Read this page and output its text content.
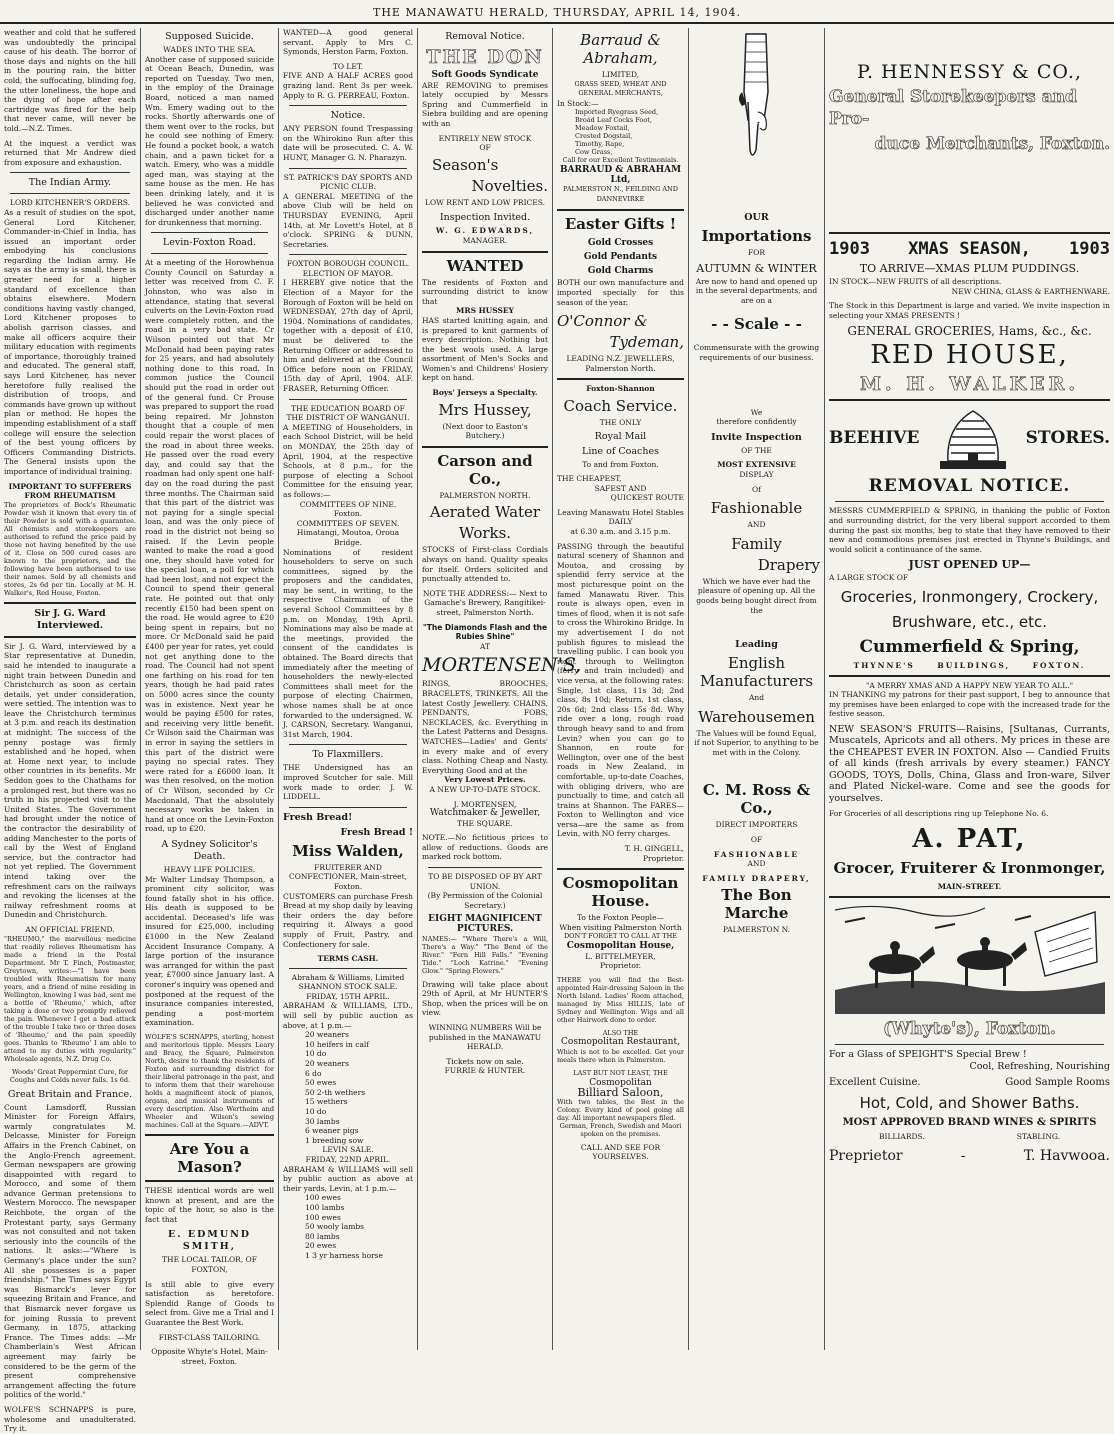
THE MANAWATU HERALD, THURSDAY, APRIL 14, 1904.

weather and cold that he suffered was undoubtedly the principal cause of his death. The horror of those days and nights on the hill in the pouring rain, the bitter cold, the suffocating, blinding fog, the utter loneliness, the hope and the dying of hope after each cartridge was fired for the help that never came, will never be told.—N.Z. Times.

At the inquest a verdict was returned that Mr Andrew died from exposure and exhaustion.

The Indian Army.
LORD KITCHENER'S ORDERS.

As a result of studies on the spot, General Lord Kitchener, Commander-in-Chief in India, has issued an important order embodying his conclusions regarding the Indian army. He says as the army is small, there is greater need for a higher standard of excellence than obtains elsewhere. Modern conditions having vastly changed, Lord Kitchener proposes to abolish garrison classes, and make all officers acquire their military education with regiments of importance, thoroughly trained and educated. The general staff, says Lord Kitchener, has never heretofore fully realised the distribution of troops, and commands have grown up without plan or method. He hopes the impending establishment of a staff college will ensure the selection of the best young officers by Officers Commanding Districts. The General insists upon the importance of individual training.

IMPORTANT TO SUFFERERS FROM RHEUMATISM

The proprietors of Bock's Rheumatic Powder wish it known that every tin of their Powder is sold with a guarantee. All chemists and storekeepers are authorised to refund the price paid by those not having benefited by the use of it. Close on 500 cured cases are known to the proprietors, and the following have been authorised to use their names. Sold by all chemists and stores, 2s 6d per tin. Locally at M. H. Walker's, Red House, Foxton.

Sir J. G. Ward Interviewed.

Sir J. G. Ward, interviewed by a Star representative at Dunedin, said he intended to inaugurate a night train between Dunedin and Christchurch as soon as certain details, yet under consideration, were settled. The intention was to leave the Christchurch terminus at 3 p.m. and reach its destination at midnight. The success of the penny postage was firmly established and he hoped, when at Home next year, to include other countries in its benefits. Mr Seddon goes to the Chathams for a prolonged rest, but there was no truth in his projected visit to the United States. The Government had brought under the notice of the contractor the desirability of adding Manchester to the ports of call by the West of England service, but the contractor had not yet replied. The Government intend taking over the refreshment cars on the railways and revoking the licenses at the railway refreshment rooms at Dunedin and Christchurch.

AN OFFICIAL FRIEND.

"RHEUMO," the marvellous medicine that readily relieves Rheumatism has made a friend in the Postal Department. Mr T. Finch, Postmaster, Greytown, writes:—"I have been troubled with Rheumatism for many years, and a friend of mine residing in Wellington, knowing I was bad, sent me a bottle of 'Rheumo,' which, after taking a dose or two promptly relieved the pain. Whenever I get a bad attack of the trouble I take two or three doses of 'Rheumo,' and the pain speedily goes. Thanks to 'Rheumo' I am able to attend to my duties with regularity." Wholesale agents, N.Z. Drug Co.

Woods' Great Peppermint Cure, for Coughs and Colds never fails. 1s 6d.

Great Britain and France.

Count Lamsdorff, Russian Minister for Foreign Affairs, warmly congratulates M. Delcasse, Minister for Foreign Affairs in the French Cabinet, on the Anglo-French agreement. German newspapers are growing disappointed with regard to Morocco, and some of them advance German pretensions to Western Morocco. The newspaper Reichbote, the organ of the Protestant party, says Germany was not consulted and not taken seriously into the councils of the nations. It asks:—"Where is Germany's place under the sun? All she possesses is a paper friendship." The Times says Egypt was Bismarck's lever for squeezing Britain and France, and that Bismarck never forgave us for joining Russia to prevent Germany, in 1875, attacking France. The Times adds: —Mr Chamberlain's West African agreement may fairly be considered to be the germ of the present comprehensive arrangement affecting the future politics of the world."

WOLFE'S SCHNAPPS is pure, wholesome and unadulterated. Try it.

Supposed Suicide.
WADES INTO THE SEA.

Another case of supposed suicide at Ocean Beach, Dunedin, was reported on Tuesday. Two men, in the employ of the Drainage Board, noticed a man named Wm. Emery wading out to the rocks. Shortly afterwards one of them went over to the rocks, but he could see nothing of Emery. He found a pocket book, a watch chain, and a pawn ticket for a watch. Emery, who was a middle aged man, was staying at the same house as the men. He has been drinking lately, and it is believed he was convicted and discharged under another name for drunkenness that morning.

Levin-Foxton Road.

At a meeting of the Horowhenua County Council on Saturday a letter was received from C. F. Johnston, who was also in attendance, stating that several culverts on the Levin-Foxton road were completely rotten, and the road in a very bad state. Cr Wilson pointed out that Mr McDonald had been paying rates for 25 years, and had absolutely nothing done to this road. In common justice the Council should put the road in order out of the general fund. Cr Prouse was prepared to support the road being repaired. Mr Johnston thought that a couple of men could repair the worst places of the road in about three weeks. He passed over the road every day, and could say that the roadman had only spent one half-day on the road during the past three months. The Chairman said that this part of the district was not paying for a single special loan, and was the only piece of road in the district not being so raised. If the Levin people wanted to make the road a good one, they should have voted for the special loan, a poll for which had been lost, and not expect the Council to spend their general rate. He pointed out that only recently £150 had been spent on the road. He would agree to £20 being spent in repairs, but no more. Cr McDonald said he paid £400 per year for rates, yet could not get anything done to the road. The Council had not spent one farthing on his road for ten years, though he had paid rates on 5000 acres since the county was in existence. Next year he would be paying £500 for rates, and receiving very little benefit. Cr Wilson said the Chairman was in error in saying the settlers in this part of the district were paying no special rates. They were rated for a £6000 loan. It was then resolved, on the motion of Cr Wilson, seconded by Cr Macdonald, That the absolutely necessary works be taken in hand at once on the Levin-Foxton road, up to £20.

A Sydney Solicitor's Death.
HEAVY LIFE POLICIES.

Mr Walter Lindsay Thompson, a prominent city solicitor, was found fatally shot in his office. His death is supposed to be accidental. Deceased's life was insured for £25,000, including £1000 in the New Zealand Accident Insurance Company. A large portion of the insurance was arranged for within the past year, £7000 since January last. A coroner's inquiry was opened and postponed at the request of the insurance companies interested, pending a post-mortem examination.

WOLFE'S SCHNAPPS, sterling, honest and meritorious tipple. Messrs Leary and Bracy, the Square, Palmerston North, desire to thank the residents of Foxton and surrounding district for their liberal patronage in the past, and to inform them that their warehouse holds a magnificent stock of pianos, organs, and musical instruments of every description. Also Wertheim and Wheeler and Wilson's sewing machines. Call at the Square.—ADVT.

Are You a Mason?

THESE identical words are well known at present, and are the topic of the hour, so also is the fact that

E. EDMUND SMITH,
THE LOCAL TAILOR, OF FOXTON,

Is still able to give every satisfaction as heretofore. Splendid Range of Goods to select from. Give me a Trial and I Guarantee the Best Work.

FIRST-CLASS TAILORING.

Opposite Whyte's Hotel, Main-street, Foxton.

WANTED—A good general servant. Apply to Mrs C. Symonds, Herston Farm, Foxton.

TO LET.

FIVE AND A HALF ACRES good grazing land. Rent 3s per week. Apply to R. G. PERREAU, Foxton.

Notice.

ANY PERSON found Trespassing on the Whirokino Run after this date will be prosecuted. C. A. W. HUNT, Manager G. N. Pharazyn.

ST. PATRICK'S DAY SPORTS AND PICNIC CLUB.

A GENERAL MEETING of the above Club will be held on THURSDAY EVENING, April 14th, at Mr Lovett's Hotel, at 8 o'clock. SPRING & DUNN, Secretaries.

FOXTON BOROUGH COUNCIL.
ELECTION OF MAYOR.

I HEREBY give notice that the Election of a Mayor for the Borough of Foxton will be held on WEDNESDAY, 27th day of April, 1904. Nominations of candidates, together with a deposit of £10, must be delivered to the Returning Officer or addressed to him and delivered at the Council Office before noon on FRIDAY, 15th day of April, 1904. ALF. FRASER, Returning Officer.

THE EDUCATION BOARD OF THE DISTRICT OF WANGANUI.

A MEETING of Householders, in each School District, will be held on MONDAY, the 25th day of April, 1904, at the respective Schools, at 8 p.m., for the purpose of electing a School Committee for the ensuing year, as follows:—

COMMITTEES OF NINE.
Foxton.
COMMITTEES OF SEVEN.
Himatangi, Moutoa, Oroua Bridge.

Nominations of resident householders to serve on such committees, signed by the proposers and the candidates, may be sent, in writing, to the respective Chairman of the several School Committees by 8 p.m. on Monday, 19th April. Nominations may also be made at the meetings, provided the consent of the candidates is obtained. The Board directs that immediately after the meeting of householders the newly-elected Committees shall meet for the purpose of electing Chairmen, whose names shall be at once forwarded to the undersigned. W. J. CARSON, Secretary. Wanganui, 31st March, 1904.

To Flaxmillers.

THE Undersigned has an improved Scutcher for sale. Mill work made to order. J. W. LIDDELL.

Fresh Bread!
Fresh Bread !
Miss Walden,
FRUITERER AND CONFECTIONER, Main-street, Foxton.

CUSTOMERS can purchase Fresh Bread at my shop daily by leaving their orders the day before requiring it. Always a good supply of Fruit, Pastry, and Confectionery for sale.

TERMS CASH.
Abraham & Williams, Limited
SHANNON STOCK SALE.
FRIDAY, 15TH APRIL.

ABRAHAM & WILLIAMS, LTD., will sell by public auction as above, at 1 p.m.—

20 weaners
10 heifers in calf
10 do
20 weaners
6 do
50 ewes
50 2-th wethers
15 wethers
10 do
30 lambs
6 weaner pigs
1 breeding sow
LEVIN SALE.
FRIDAY, 22ND APRIL.

ABRAHAM & WILLIAMS will sell by public auction as above at their yards, Levin, at 1 p.m.—

100 ewes
100 lambs
100 ewes
50 wooly lambs
80 lambs
20 ewes
1 3 yr harness horse
Removal Notice.
THE DON
Soft Goods Syndicate

ARE REMOVING to premises lately occupied by Messrs Spring and Cummerfield in Siebra building and are opening with an

ENTIRELY NEW STOCK
OF
Season's
Novelties.
LOW RENT AND LOW PRICES.
Inspection Invited.
W. G. EDWARDS,
MANAGER.
WANTED

The residents of Foxton and surrounding district to know that

MRS HUSSEY

HAS started knitting again, and is prepared to knit garments of every description. Nothing but the best wools used. A large assortment of Men's Socks and Women's and Childrens' Hosiery kept on hand.

Boys' Jerseys a Specialty.
Mrs Hussey,
(Next door to Easton's Butchery.)
Carson and Co.,
PALMERSTON NORTH.
Aerated Water
Works.

STOCKS of First-class Cordials always on hand. Quality speaks for itself. Orders solicited and punctually attended to.

NOTE THE ADDRESS:— Next to Gamache's Brewery, Rangitikei-street, Palmerston North.

"The Diamonds Flash and the Rubies Shine"
AT
MORTENSEN'S,

RINGS, BROOCHES, BRACELETS, TRINKETS. All the latest Costly Jewellery. CHAINS, PENDANTS, FOBS, NECKLACES, &c. Everything in the Latest Patterns and Designs. WATCHES—Ladies' and Gents' in every make and of every class. Nothing Cheap and Nasty. Everything Good and at the

Very Lowest Prices.
A NEW UP-TO-DATE STOCK.
J. MORTENSEN,
Watchmaker & Jeweller,
THE SQUARE.

NOTE.—No fictitious prices to allow of reductions. Goods are marked rock bottom.

TO BE DISPOSED OF BY ART UNION.
(By Permission of the Colonial Secretary.)
EIGHT MAGNIFICENT PICTURES.

NAMES:— "Where There's a Will, There's a Way." "The Bend of the River." "Fern Hill Falls." "Evening Tide." "Loch Katrine." "Evening Glow." "Spring Flowers."

Drawing will take place about 29th of April, at Mr HUNTER'S Shop, when the prices will be on view.

WINNING NUMBERS Will be published in the MANAWATU HERALD.

Tickets now on sale.
FURRIE & HUNTER.
Barraud & Abraham,
LIMITED,
GRASS SEED, WHEAT AND GENERAL MERCHANTS,
In Stock:—
Imported Ryegrass Seed,
Broad Leaf Cocks Foot,
Meadow Foxtail,
Crested Dogstail,
Timothy, Rape,
Cow Grass,
Call for our Excellent Testimonials.
BARRAUD & ABRAHAM Ltd,
PALMERSTON N., FEILDING AND DANNEVIRKE
Easter Gifts !
Gold Crosses
Gold Pendants
Gold Charms

BOTH our own manufacture and imported specially for this season of the year.

O'Connor &
Tydeman,
LEADING N.Z. JEWELLERS,
Palmerston North.
Foxton-Shannon
Coach Service.
THE ONLY
Royal Mail
Line of Coaches
To and from Foxton.
THE CHEAPEST,
SAFEST AND
QUICKEST ROUTE
Leaving Manawatu Hotel Stables DAILY
at 6.30 a.m. and 3.15 p.m.

PASSING through the beautiful natural scenery of Shannon and Moutoa, and crossing by splendid ferry service at the most picturesque point on the famed Manawatu River. This route is always open, even in times of flood, when it is not safe to cross the Whirokino Bridge. In my advertisement I do not publish figures to mislead the travelling public. I can book you right through to Wellington (ferry and train included) and vice versa, at the following rates: Single, 1st class, 11s 3d; 2nd class, 8s 10d; Return, 1st class, 20s 6d; 2nd class 15s 8d. Why ride over a long, rough road through heavy sand to and from Levin? when you can go to Shannon, en route for Wellington, over one of the best roads in New Zealand, in comfortable, up-to-date Coaches, with obliging drivers, who are punctually to time, and catch all trains at Shannon. The FARES—Foxton to Wellington and vice versa—are the same as from Levin, with NO ferry charges.

T. H. GINGELL,
Proprietor.
Cosmopolitan House.
To the Foxton People—
When visiting Palmerston North
DON'T FORGET TO CALL AT THE
Cosmopolitan House,
L. BITTELMEYER,
Proprietor.

THERE you will find the Best-appointed Hair-dressing Saloon in the North Island. Ladies' Room attached, managed by Miss HILLIS, late of Sydney and Wellington. Wigs and all other Hairwork done to order.

ALSO THE
Cosmopolitan Restaurant,

Which is not to be excelled. Get your meals there when in Palmerston.

LAST BUT NOT LEAST, THE
Cosmopolitan
Billiard Saloon,

With two tables, the Best in the Colony. Every kind of pool going all day. All important newspapers filed.

German, French, Swedish and Maori spoken on the premises.

CALL AND SEE FOR YOURSELVES.
OUR
Importations
FOR
AUTUMN & WINTER

Are now to hand and opened up in the several departments, and are on a

- - Scale - -

Commensurate with the growing requirements of our business.

We
therefore confidently
Invite Inspection
OF THE
MOST EXTENSIVE
DISPLAY
Of
Fashionable
AND
Family
Drapery

Which we have ever had the pleasure of opening up. All the goods being bought direct from the

Leading
English Manufacturers
And
Warehousemen

The Values will be found Equal, if not Superior, to anything to be met with in the Colony.

C. M. Ross & Co.,
DIRECT IMPORTERS
OF
FASHIONABLE
AND
FAMILY DRAPERY,
The Bon Marche
PALMERSTON N.
P. HENNESSY & CO.,
General Storekeepers and Pro-
duce Merchants, Foxton.
1903 XMAS SEASON, 1903
TO ARRIVE—XMAS PLUM PUDDINGS.
IN STOCK—NEW FRUITS of all descriptions.
NEW CHINA, GLASS & EARTHENWARE.

The Stock in this Department is large and varied. We invite inspection in selecting your XMAS PRESENTS !

GENERAL GROCERIES, Hams, &c., &c.
RED HOUSE,
M. H. WALKER.
BEEHIVE	STORES.
REMOVAL NOTICE.

MESSRS CUMMERFIELD & SPRING, in thanking the public of Foxton and surrounding district, for the very liberal support accorded to them during the past six months, beg to state that they have removed to their new and commodious premises just erected in Thynne's Buildings, and would solicit a continuance of the same.

JUST OPENED UP—
A LARGE STOCK OF
Groceries, Ironmongery, Crockery,
Brushware, etc., etc.
Cummerfield & Spring,
THYNNE'S BUILDINGS, FOXTON.
"A MERRY XMAS AND A HAPPY NEW YEAR TO ALL."

IN THANKING my patrons for their past support, I beg to announce that my premises have been enlarged to cope with the increased trade for the festive season.

NEW SEASON'S FRUITS—Raisins, [Sultanas, Currants, Muscatels, Apricots and all others. My prices in these are the CHEAPEST EVER IN FOXTON. Also — Candied Fruits of all kinds (fresh arrivals by every steamer.) FANCY GOODS, TOYS, Dolls, China, Glass and Iron-ware, Silver and Plated Nickel-ware. Come and see the goods for yourselves.

For Grocerles of all descriptions ring up Telephone No. 6.
A. PAT,
Grocer, Fruiterer & Ironmonger,
MAIN-STREET.
(Whyte's), Foxton.
For a Glass of SPEIGHT'S Special Brew !
Cool, Refreshing, Nourishing
Excellent Cuisine.	Good Sample Rooms
Hot, Cold, and Shower Baths.
MOST APPROVED BRAND WINES & SPIRITS
BILLIARDS.	STABLING.
Preprietor	-	T. Havwooa.
